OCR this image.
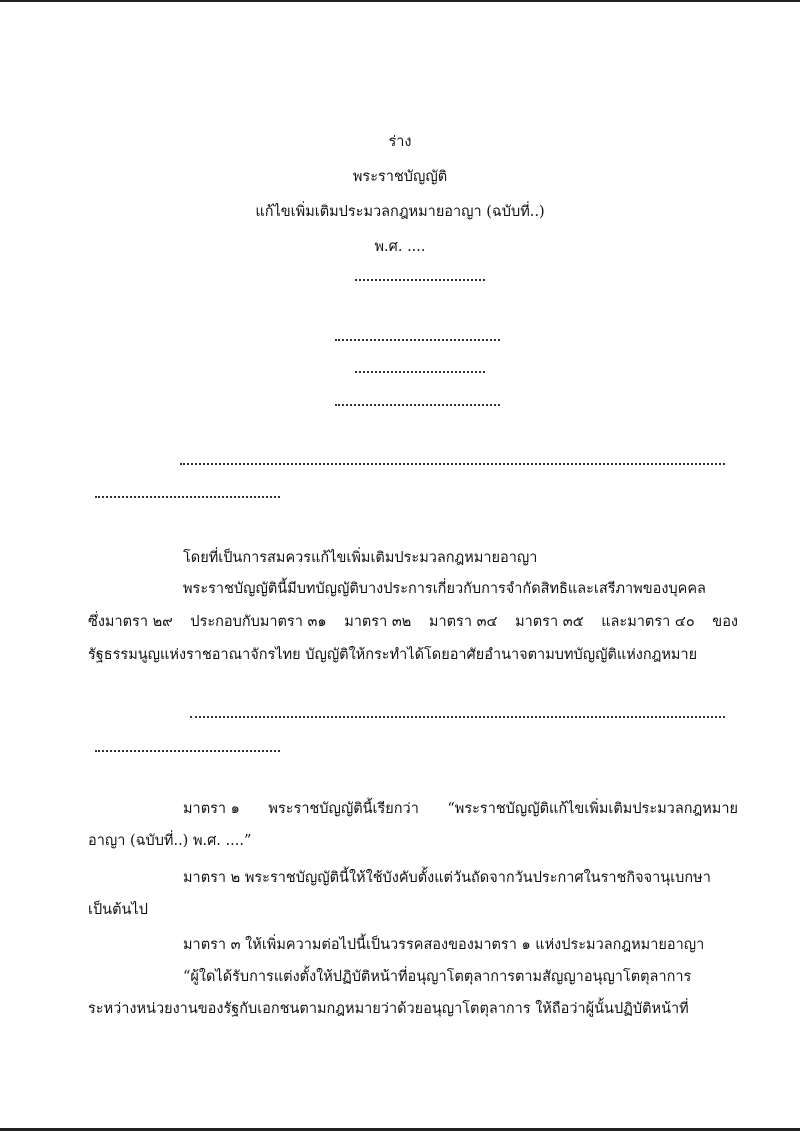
ร่าง
พระราชบัญญัติ
แก้ไขเพิ่มเติมประมวลกฎหมายอาญา (ฉบับที่..)
พ.ศ. ....
โดยที่เป็นการสมควรแก้ไขเพิ่มเติมประมวลกฎหมายอาญา
พระราชบัญญัตินี้มีบทบัญญัติบางประการเกี่ยวกับการจำกัดสิทธิและเสรีภาพของบุคคล
ซึ่งมาตรา ๒๙ ประกอบกับมาตรา ๓๑ มาตรา ๓๒ มาตรา ๓๔ มาตรา ๓๕ และมาตรา ๔๐ ของ
รัฐธรรมนูญแห่งราชอาณาจักรไทย บัญญัติให้กระทำได้โดยอาศัยอำนาจตามบทบัญญัติแห่งกฎหมาย
มาตรา ๑ พระราชบัญญัตินี้เรียกว่า “พระราชบัญญัติแก้ไขเพิ่มเติมประมวลกฎหมาย
อาญา (ฉบับที่..) พ.ศ. ....”
มาตรา ๒ พระราชบัญญัตินี้ให้ใช้บังคับตั้งแต่วันถัดจากวันประกาศในราชกิจจานุเบกษา
เป็นต้นไป
มาตรา ๓ ให้เพิ่มความต่อไปนี้เป็นวรรคสองของมาตรา ๑ แห่งประมวลกฎหมายอาญา
“ผู้ใดได้รับการแต่งตั้งให้ปฏิบัติหน้าที่อนุญาโตตุลาการตามสัญญาอนุญาโตตุลาการ
ระหว่างหน่วยงานของรัฐกับเอกชนตามกฎหมายว่าด้วยอนุญาโตตุลาการ ให้ถือว่าผู้นั้นปฏิบัติหน้าที่
